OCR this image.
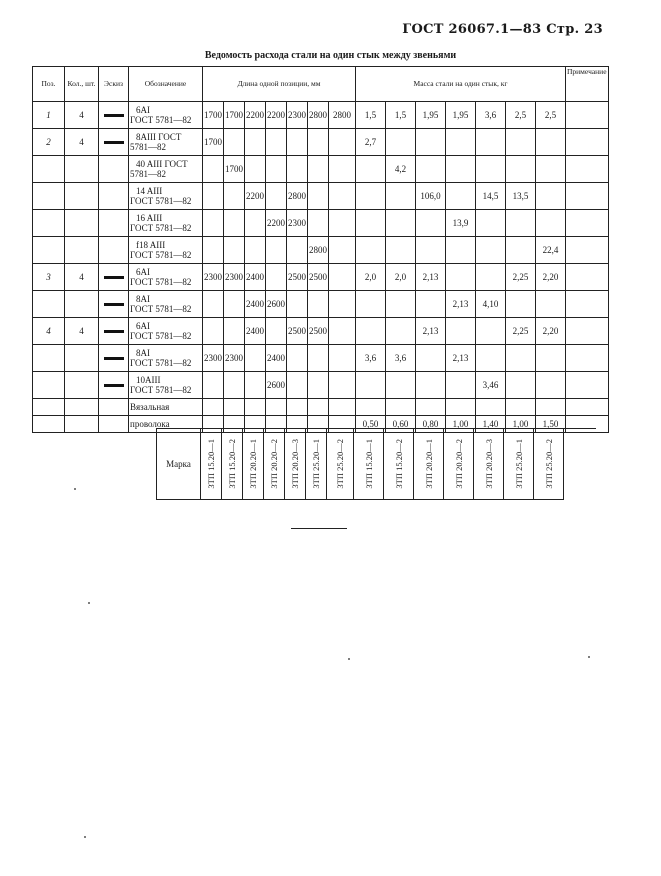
ГОСТ 26067.1—83 Стр. 23
Ведомость расхода стали на один стык между звеньями
Поз.	Кол., шт.	Эскиз	Обозначение	Длина одной позиции, мм							Масса стали на один стык, кг							Примечание
1	4		6AI
ГОСТ 5781—82	1700	1700	2200	2200	2300	2800	2800	1,5	1,5	1,95	1,95	3,6	2,5	2,5	
2	4		8AIII ГОСТ
5781—82	1700							2,7							

			40 AIII ГОСТ
5781—82		1700							4,2						

			14 AIII
ГОСТ 5781—82			2200		2800					106,0		14,5	13,5		

			16 AIII
ГОСТ 5781—82				2200	2300						13,9				

			f18 AIII
ГОСТ 5781—82						2800								22,4	
3	4		6AI
ГОСТ 5781—82	2300	2300	2400		2500	2500		2,0	2,0	2,13			2,25	2,20	

			8AI
ГОСТ 5781—82			2400	2600							2,13	4,10			
4	4		6AI
ГОСТ 5781—82			2400		2500	2500				2,13			2,25	2,20	

			8AI
ГОСТ 5781—82	2300	2300		2400				3,6	3,6		2,13				

			10AIII
ГОСТ 5781—82				2600								3,46			
			Вязальная															
			проволока								0,50	0,60	0,80	1,00	1,40	1,00	1,50	
Марка	3ТП 15.20—1	3ТП 15.20—2	3ТП 20.20—1	3ТП 20.20—2	3ТП 20.20—3	3ТП 25.20—1	3ТП 25.20—2	3ТП 15.20—1	3ТП 15.20—2	3ТП 20.20—1	3ТП 20.20—2	3ТП 20.20—3	3ТП 25.20—1	3ТП 25.20—2
